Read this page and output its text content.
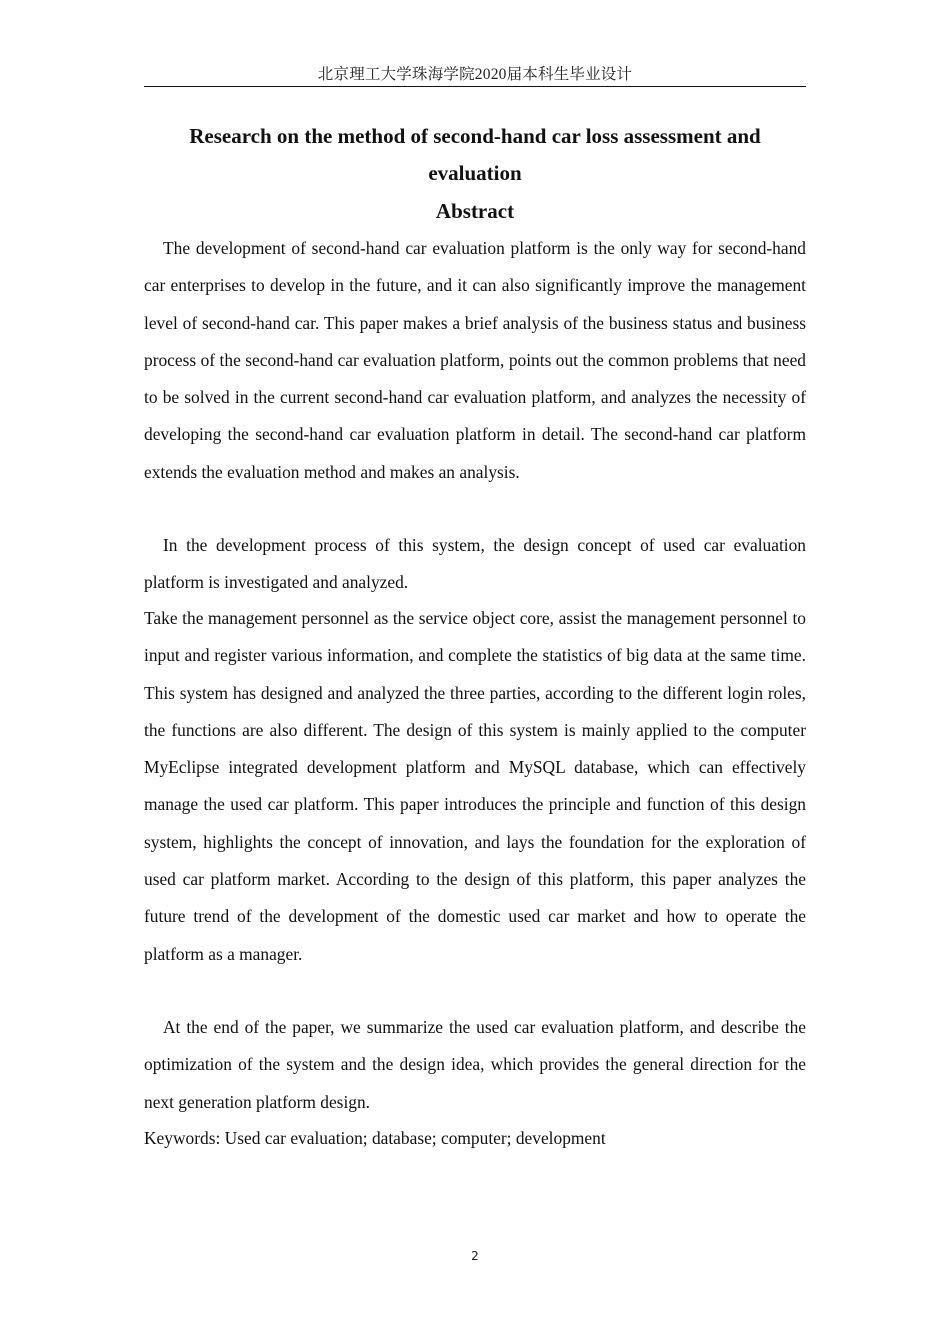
北京理工大学珠海学院2020届本科生毕业设计
Research on the method of second-hand car loss assessment and evaluation
Abstract

The development of second-hand car evaluation platform is the only way for second-hand car enterprises to develop in the future, and it can also significantly improve the management level of second-hand car. This paper makes a brief analysis of the business status and business process of the second-hand car evaluation platform, points out the common problems that need to be solved in the current second-hand car evaluation platform, and analyzes the necessity of developing the second-hand car evaluation platform in detail. The second-hand car platform extends the evaluation method and makes an analysis.

In the development process of this system, the design concept of used car evaluation platform is investigated and analyzed.

Take the management personnel as the service object core, assist the management personnel to input and register various information, and complete the statistics of big data at the same time. This system has designed and analyzed the three parties, according to the different login roles, the functions are also different. The design of this system is mainly applied to the computer MyEclipse integrated development platform and MySQL database, which can effectively manage the used car platform. This paper introduces the principle and function of this design system, highlights the concept of innovation, and lays the foundation for the exploration of used car platform market. According to the design of this platform, this paper analyzes the future trend of the development of the domestic used car market and how to operate the platform as a manager.

At the end of the paper, we summarize the used car evaluation platform, and describe the optimization of the system and the design idea, which provides the general direction for the next generation platform design.

Keywords: Used car evaluation; database; computer; development

2
